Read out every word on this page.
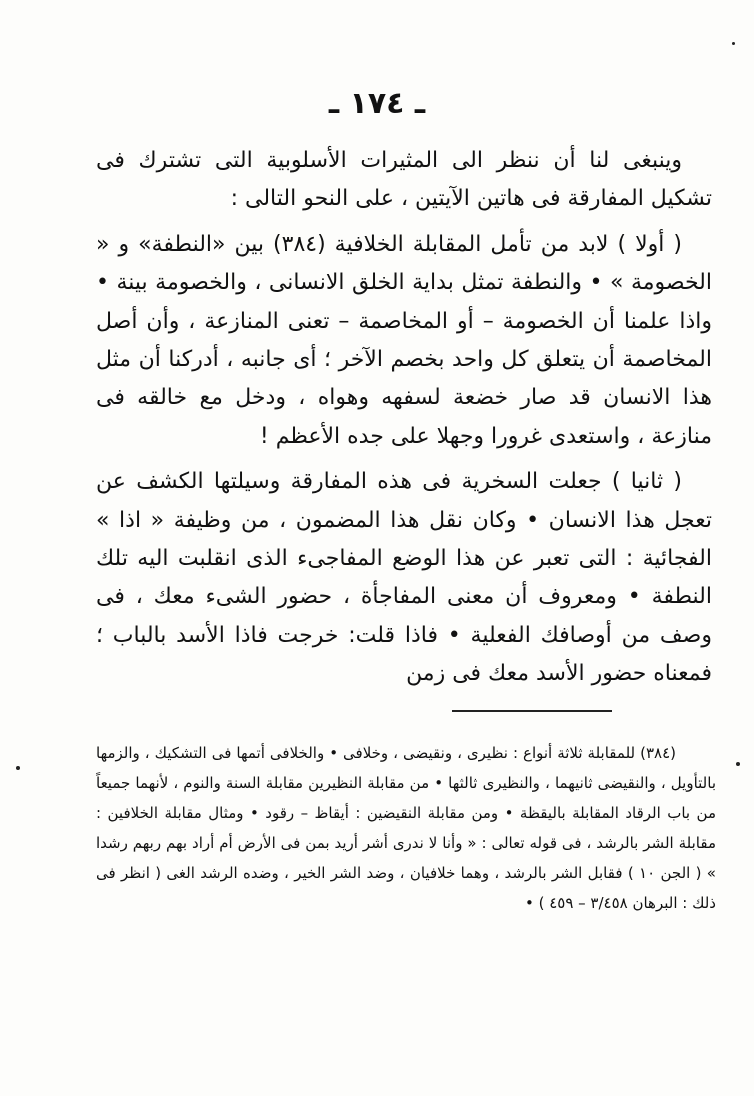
ـ ١٧٤ ـ

وينبغى لنا أن ننظر الى المثيرات الأسلوبية التى تشترك فى تشكيل المفارقة فى هاتين الآيتين ، على النحو التالى :

( أولا ) لابد من تأمل المقابلة الخلافية (٣٨٤) بين «النطفة» و « الخصومة » • والنطفة تمثل بداية الخلق الانسانى ، والخصومة بينة • واذا علمنا أن الخصومة – أو المخاصمة – تعنى المنازعة ، وأن أصل المخاصمة أن يتعلق كل واحد بخصم الآخر ؛ أى جانبه ، أدركنا أن مثل هذا الانسان قد صار خضعة لسفهه وهواه ، ودخل مع خالقه فى منازعة ، واستعدى غرورا وجهلا على جده الأعظم !

( ثانيا ) جعلت السخرية فى هذه المفارقة وسيلتها الكشف عن تعجل هذا الانسان • وكان نقل هذا المضمون ، من وظيفة « اذا » الفجائية : التى تعبر عن هذا الوضع المفاجىء الذى انقلبت اليه تلك النطفة • ومعروف أن معنى المفاجأة ، حضور الشىء معك ، فى وصف من أوصافك الفعلية • فاذا قلت: خرجت فاذا الأسد بالباب ؛ فمعناه حضور الأسد معك فى زمن

(٣٨٤) للمقابلة ثلاثة أنواع : نظيرى ، ونقيضى ، وخلافى • والخلافى أتمها فى التشكيك ، والزمها بالتأويل ، والنقيضى ثانيهما ، والنظيرى ثالثها • من مقابلة النظيرين مقابلة السنة والنوم ، لأنهما جميعاً من باب الرقاد المقابلة باليقظة • ومن مقابلة النقيضين : أيقاظ – رقود • ومثال مقابلة الخلافين : مقابلة الشر بالرشد ، فى قوله تعالى : « وأنا لا ندرى أشر أريد بمن فى الأرض أم أراد بهم ربهم رشدا » ( الجن ١٠ ) فقابل الشر بالرشد ، وهما خلافيان ، وضد الشر الخير ، وضده الرشد الغى ( انظر فى ذلك : البرهان ٣/٤٥٨ – ٤٥٩ ) •
